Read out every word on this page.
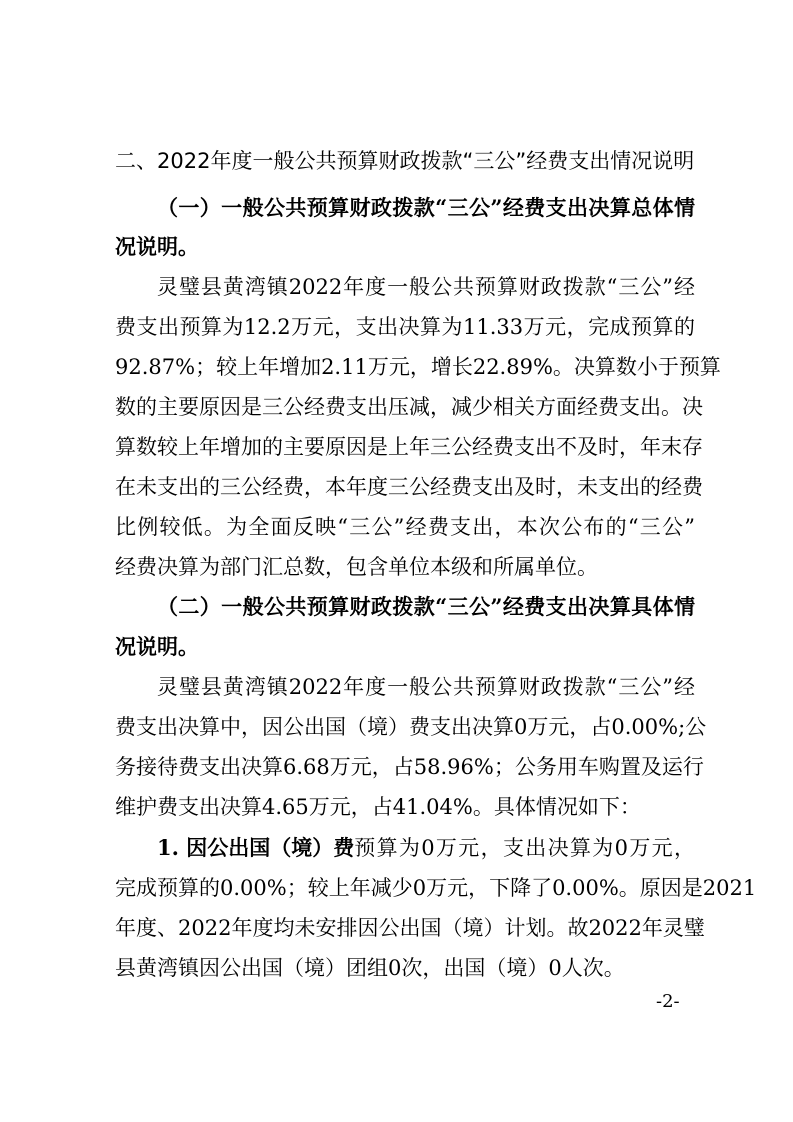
二、2022年度一般公共预算财政拨款“三公”经费支出情况说明
（一）一般公共预算财政拨款“三公”经费支出决算总体情
况说明。
灵璧县黄湾镇2022年度一般公共预算财政拨款“三公”经
费支出预算为12.2万元，支出决算为11.33万元，完成预算的
92.87%；较上年增加2.11万元，增长22.89%。决算数小于预算
数的主要原因是三公经费支出压减，减少相关方面经费支出。决
算数较上年增加的主要原因是上年三公经费支出不及时，年末存
在未支出的三公经费，本年度三公经费支出及时，未支出的经费
比例较低。为全面反映“三公”经费支出，本次公布的“三公”
经费决算为部门汇总数，包含单位本级和所属单位。
（二）一般公共预算财政拨款“三公”经费支出决算具体情
况说明。
灵璧县黄湾镇2022年度一般公共预算财政拨款“三公”经
费支出决算中，因公出国（境）费支出决算0万元，占0.00%;公
务接待费支出决算6.68万元，占58.96%；公务用车购置及运行
维护费支出决算4.65万元，占41.04%。具体情况如下：
1. 因公出国（境）费 预算为0万元，支出决算为0万元，
完成预算的0.00%；较上年减少0万元，下降了0.00%。原因是2021
年度、2022年度均未安排因公出国（境）计划。故2022年灵璧
县黄湾镇因公出国（境）团组0次，出国（境）0人次。
-2-
